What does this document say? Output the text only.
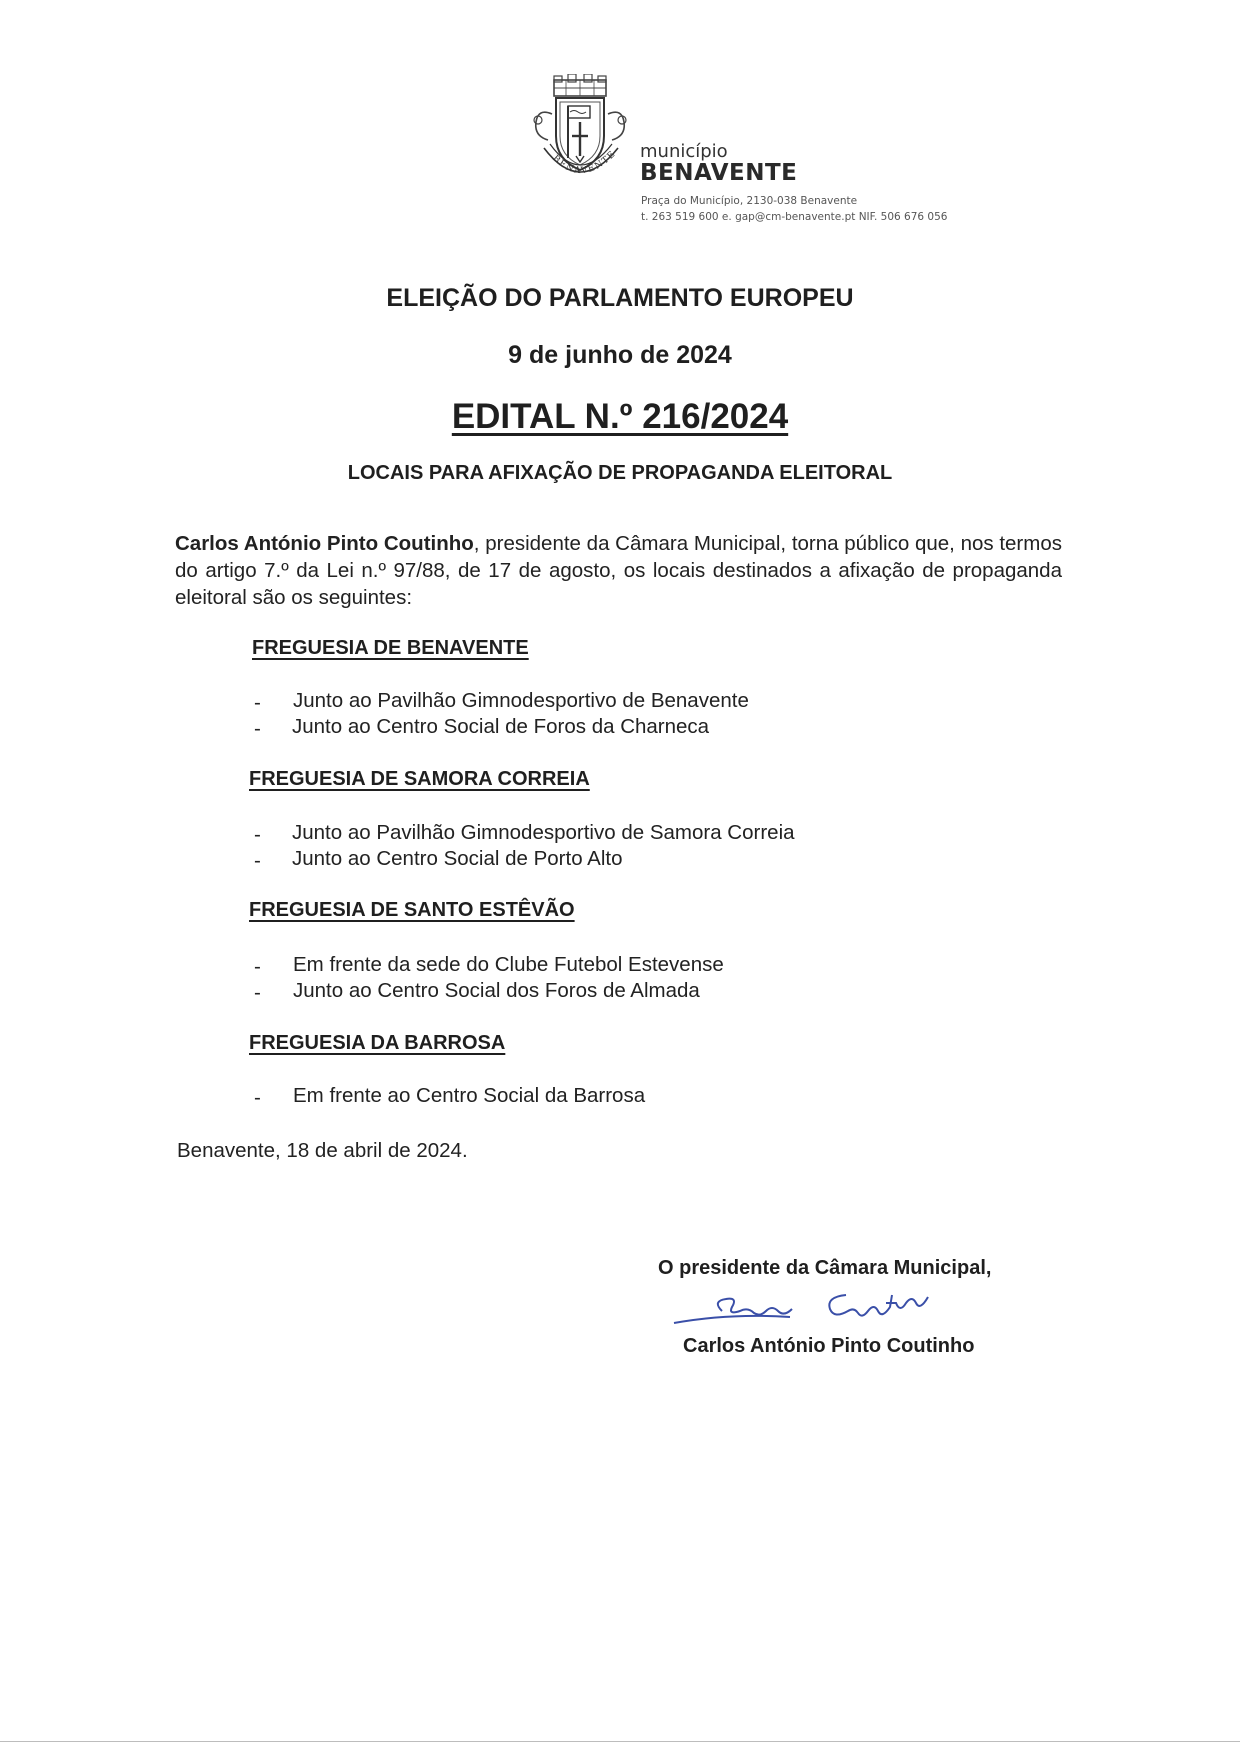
BENAVENTE município
BENAVENTE
Praça do Município, 2130-038 Benavente
t. 263 519 600 e. gap@cm-benavente.pt NIF. 506 676 056
ELEIÇÃO DO PARLAMENTO EUROPEU
9 de junho de 2024
EDITAL N.º 216/2024
LOCAIS PARA AFIXAÇÃO DE PROPAGANDA ELEITORAL
Carlos António Pinto Coutinho, presidente da Câmara Municipal, torna público que, nos termos do artigo 7.º da Lei n.º 97/88, de 17 de agosto, os locais destinados a afixação de propaganda eleitoral são os seguintes:
FREGUESIA DE BENAVENTE
- Junto ao Pavilhão Gimnodesportivo de Benavente
- Junto ao Centro Social de Foros da Charneca
FREGUESIA DE SAMORA CORREIA
- Junto ao Pavilhão Gimnodesportivo de Samora Correia
- Junto ao Centro Social de Porto Alto
FREGUESIA DE SANTO ESTÊVÃO
- Em frente da sede do Clube Futebol Estevense
- Junto ao Centro Social dos Foros de Almada
FREGUESIA DA BARROSA
- Em frente ao Centro Social da Barrosa
Benavente, 18 de abril de 2024.
O presidente da Câmara Municipal,
Carlos Coutinho
Carlos António Pinto Coutinho
